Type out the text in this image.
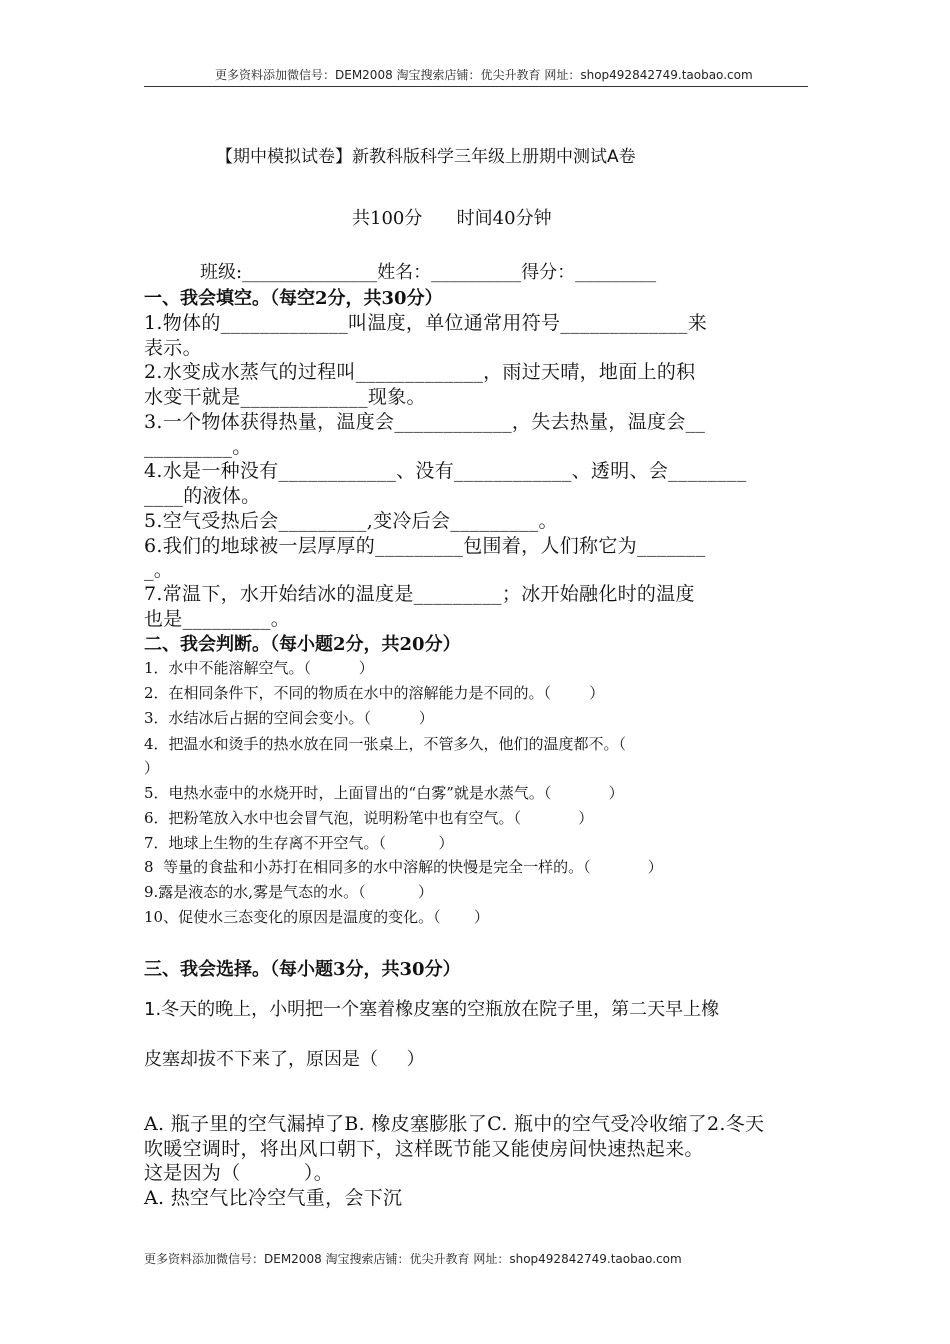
更多资料添加微信号：DEM2008 淘宝搜索店铺：优尖升教育 网址：shop492842749.taobao.com
【期中模拟试卷】新教科版科学三年级上册期中测试A卷
共100分      时间40分钟
班级:_______________姓名：__________得分：_________
一、我会填空。（每空2分，共30分）
1.物体的_____________叫温度，单位通常用符号_____________来
表示。
2.水变成水蒸气的过程叫_____________，雨过天晴，地面上的积
水变干就是_____________现象。
3.一个物体获得热量，温度会____________，失去热量，温度会__
_________。
4.水是一种没有____________、没有____________、透明、会________
____的液体。
5.空气受热后会_________,变冷后会_________。
6.我们的地球被一层厚厚的_________包围着，人们称它为_______
_。
7.常温下，水开始结冰的温度是_________；冰开始融化时的温度
也是_________。
二、我会判断。（每小题2分，共20分）
1．水中不能溶解空气。（          ）
2．在相同条件下，不同的物质在水中的溶解能力是不同的。（        ）
3．水结冰后占据的空间会变小。（          ）
4．把温水和烫手的热水放在同一张桌上，不管多久，他们的温度都不。（
）
5．电热水壶中的水烧开时，上面冒出的“白雾”就是水蒸气。（            ）
6．把粉笔放入水中也会冒气泡，说明粉笔中也有空气。（            ）
7．地球上生物的生存离不开空气。（           ）
8  等量的食盐和小苏打在相同多的水中溶解的快慢是完全一样的。（            ）
9.露是液态的水,雾是气态的水。（           ）
10、促使水三态变化的原因是温度的变化。（       ）
三、我会选择。（每小题3分，共30分）
1.冬天的晚上，小明把一个塞着橡皮塞的空瓶放在院子里，第二天早上橡
皮塞却拔不下来了，原因是（     ）
A. 瓶子里的空气漏掉了B. 橡皮塞膨胀了C. 瓶中的空气受冷收缩了2.冬天
吹暖空调时，将出风口朝下，这样既节能又能使房间快速热起来。
这是因为（          ）。
A. 热空气比冷空气重，会下沉
更多资料添加微信号：DEM2008 淘宝搜索店铺：优尖升教育 网址：shop492842749.taobao.com
